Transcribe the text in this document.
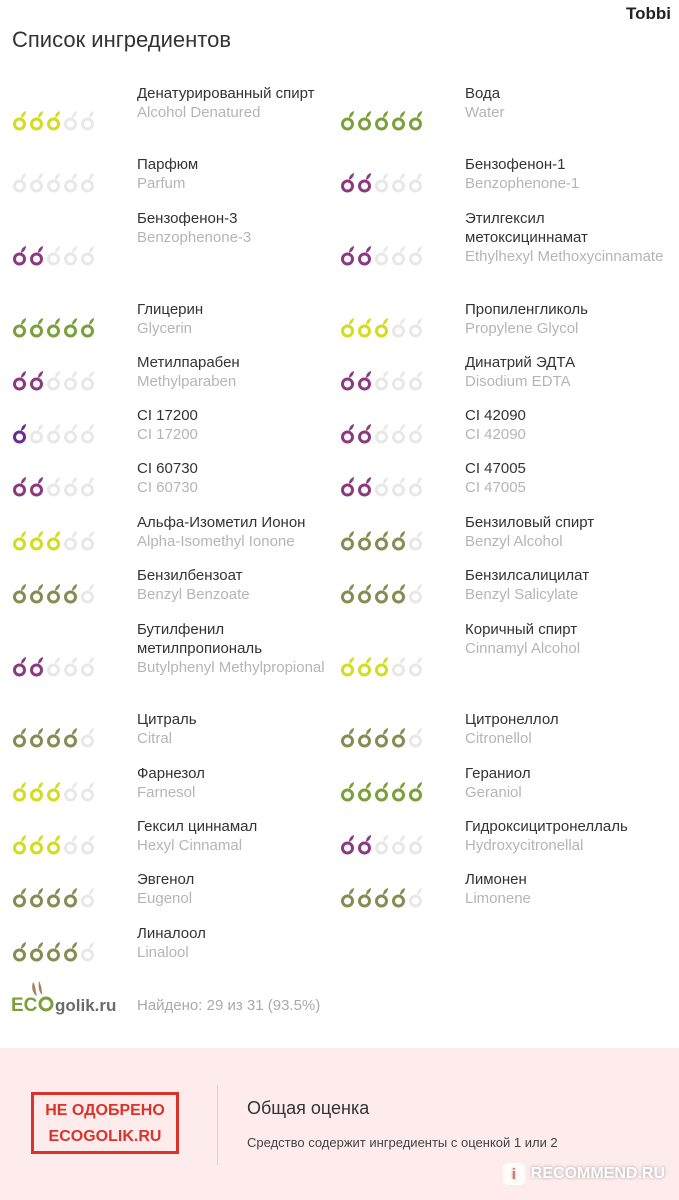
Tobbi
Список ингредиентов
Денатурированный спирт
Alcohol Denatured
Вода
Water
Парфюм
Parfum
Бензофенон-1
Benzophenone-1
Бензофенон-3
Benzophenone-3
Этилгексил метоксициннамат
Ethylhexyl Methoxycinnamate
Глицерин
Glycerin
Пропиленгликоль
Propylene Glycol
Метилпарабен
Methylparaben
Динатрий ЭДТА
Disodium EDTA
CI 17200
CI 17200
CI 42090
CI 42090
CI 60730
CI 60730
CI 47005
CI 47005
Альфа-Изометил Ионон
Alpha-Isomethyl Ionone
Бензиловый спирт
Benzyl Alcohol
Бензилбензоат
Benzyl Benzoate
Бензилсалицилат
Benzyl Salicylate
Бутилфенил метилпропиональ
Butylphenyl Methylpropional
Коричный спирт
Cinnamyl Alcohol
Цитраль
Citral
Цитронеллол
Citronellol
Фарнезол
Farnesol
Гераниол
Geraniol
Гексил циннамал
Hexyl Cinnamal
Гидроксицитронеллаль
Hydroxycitronellal
Эвгенол
Eugenol
Лимонен
Limonene
Линалоол
Linalool
EC golik.ru Найдено: 29 из 31 (93.5%)
НЕ ОДОБРЕНО
ECOGOLIK.RU
Общая оценка
Средство содержит ингредиенты с оценкой 1 или 2
i RECOMMEND.RU
